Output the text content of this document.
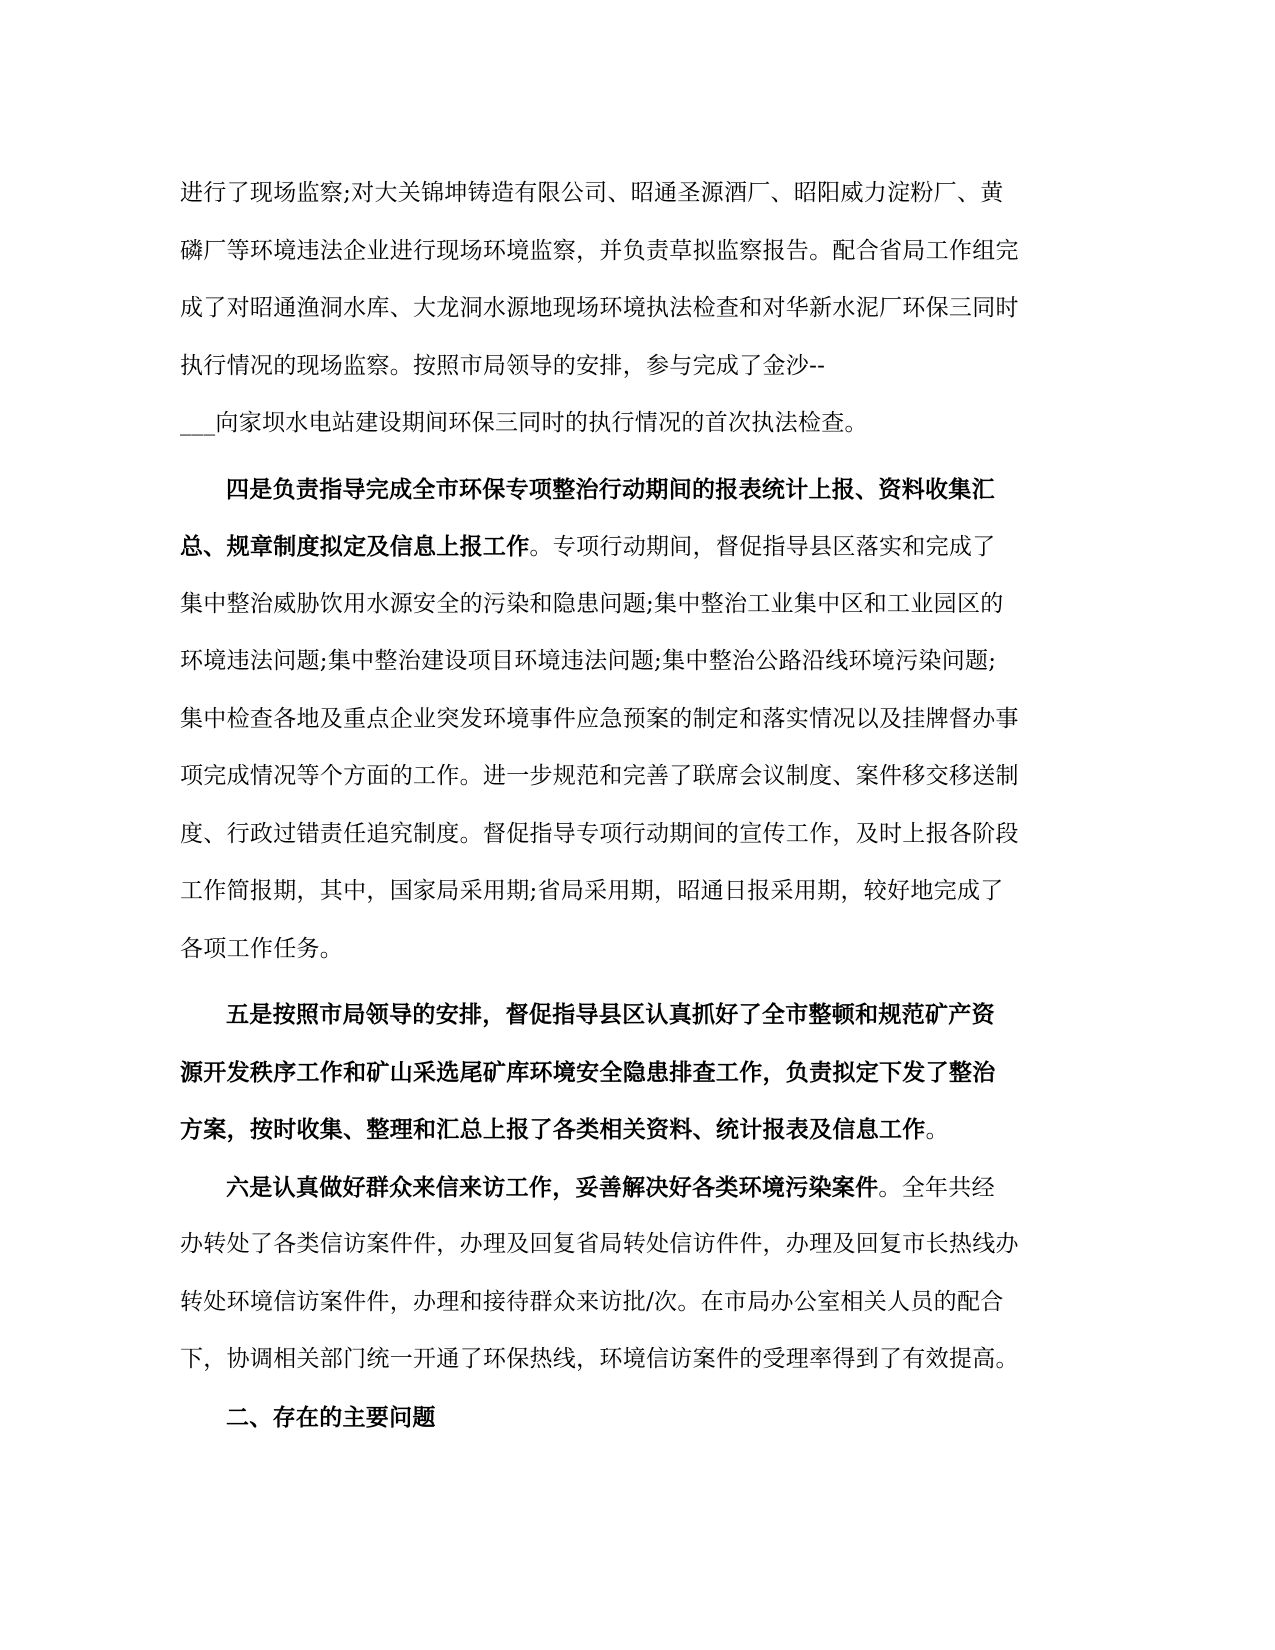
进行了现场监察;对大关锦坤铸造有限公司、昭通圣源酒厂、昭阳威力淀粉厂、黄
磷厂等环境违法企业进行现场环境监察，并负责草拟监察报告。配合省局工作组完
成了对昭通渔洞水库、大龙洞水源地现场环境执法检查和对华新水泥厂环保三同时
执行情况的现场监察。按照市局领导的安排，参与完成了金沙--
___向家坝水电站建设期间环保三同时的执行情况的首次执法检查。
四是负责指导完成全市环保专项整治行动期间的报表统计上报、资料收集汇
总、规章制度拟定及信息上报工作。专项行动期间，督促指导县区落实和完成了
集中整治威胁饮用水源安全的污染和隐患问题;集中整治工业集中区和工业园区的
环境违法问题;集中整治建设项目环境违法问题;集中整治公路沿线环境污染问题;
集中检查各地及重点企业突发环境事件应急预案的制定和落实情况以及挂牌督办事
项完成情况等个方面的工作。进一步规范和完善了联席会议制度、案件移交移送制
度、行政过错责任追究制度。督促指导专项行动期间的宣传工作，及时上报各阶段
工作简报期，其中，国家局采用期;省局采用期，昭通日报采用期，较好地完成了
各项工作任务。
五是按照市局领导的安排，督促指导县区认真抓好了全市整顿和规范矿产资
源开发秩序工作和矿山采选尾矿库环境安全隐患排查工作，负责拟定下发了整治
方案，按时收集、整理和汇总上报了各类相关资料、统计报表及信息工作。
六是认真做好群众来信来访工作，妥善解决好各类环境污染案件。全年共经
办转处了各类信访案件件，办理及回复省局转处信访件件，办理及回复市长热线办
转处环境信访案件件，办理和接待群众来访批/次。在市局办公室相关人员的配合
下，协调相关部门统一开通了环保热线，环境信访案件的受理率得到了有效提高。
二、存在的主要问题
